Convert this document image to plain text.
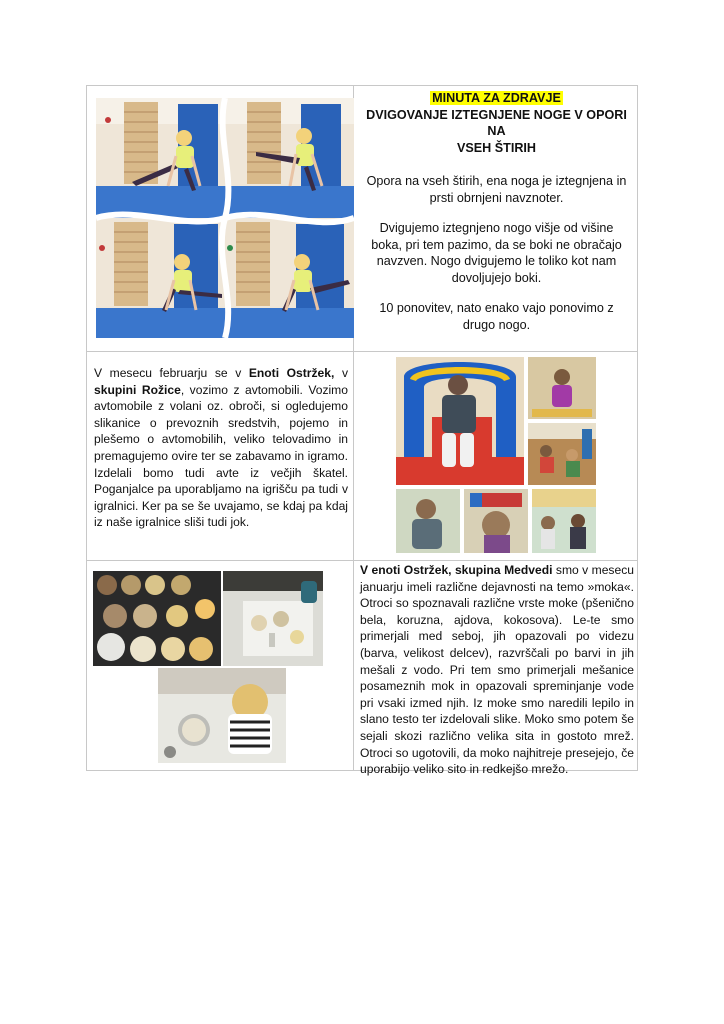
MINUTA ZA ZDRAVJE
DVIGOVANJE IZTEGNJENE NOGE V OPORI NA
VSEH ŠTIRIH

Opora na vseh štirih, ena noga je iztegnjena in prsti obrnjeni navznoter.

Dvigujemo iztegnjeno nogo višje od višine boka, pri tem pazimo, da se boki ne obračajo navzven. Nogo dvigujemo le toliko kot nam dovoljujejo boki.

10 ponovitev, nato enako vajo ponovimo z drugo nogo.

V mesecu februarju se v Enoti Ostržek, v skupini Rožice, vozimo z avtomobili. Vozimo avtomobile z volani oz. obroči, si ogledujemo slikanice o prevoznih sredstvih, pojemo in plešemo o avtomobilih, veliko telovadimo in premagujemo ovire ter se zabavamo in igramo. Izdelali bomo tudi avte iz večjih škatel. Poganjalce pa uporabljamo na igrišču pa tudi v igralnici. Ker pa se še uvajamo, se kdaj pa kdaj iz naše igralnice sliši tudi jok.
V enoti Ostržek, skupina Medvedi smo v mesecu januarju imeli različne dejavnosti na temo »moka«. Otroci so spoznavali različne vrste moke (pšenično bela, koruzna, ajdova, kokosova). Le-te smo primerjali med seboj, jih opazovali po videzu (barva, velikost delcev), razvrščali po barvi in jih mešali z vodo. Pri tem smo primerjali mešanice posameznih mok in opazovali spreminjanje vode pri vsaki izmed njih. Iz moke smo naredili lepilo in slano testo ter izdelovali slike. Moko smo potem še sejali skozi različno velika sita in gostoto mrež. Otroci so ugotovili, da moko najhitreje presejejo, če uporabijo veliko sito in redkejšo mrežo.
